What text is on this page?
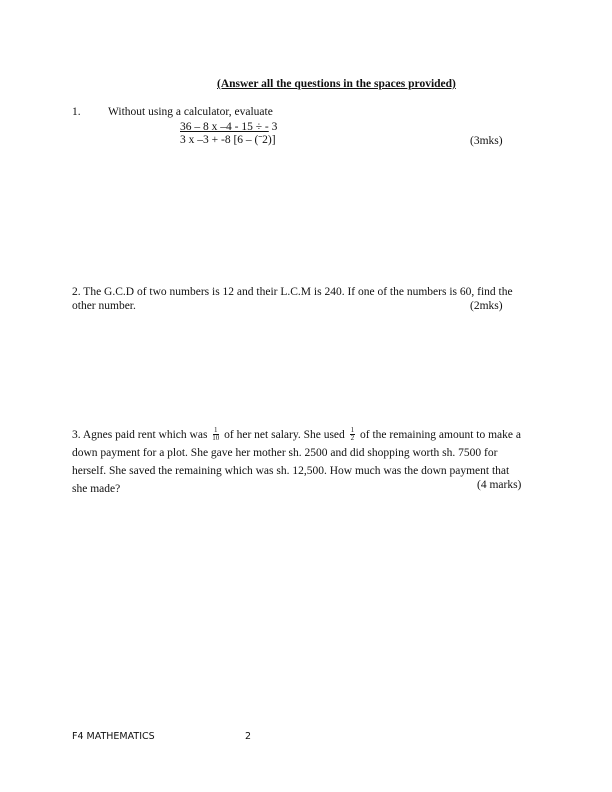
(Answer all the questions in the spaces provided)
1. Without using a calculator, evaluate
36 – 8 x –4 - 15 ÷ - 3
3 x –3 + -8 [6 – (ˉ2)]	(3mks)
2. The G.C.D of two numbers is 12 and their L.C.M is 240. If one of the numbers is 60, find the
other number.	(2mks)
3. Agnes paid rent which was $\frac{1}{10}$ of her net salary. She used $\frac{1}{2}$ of the remaining amount to make a
down payment for a plot. She gave her mother sh. 2500 and did shopping worth sh. 7500 for
herself. She saved the remaining which was sh. 12,500. How much was the down payment that
she made?	(4 marks)
F4 MATHEMATICS	2
